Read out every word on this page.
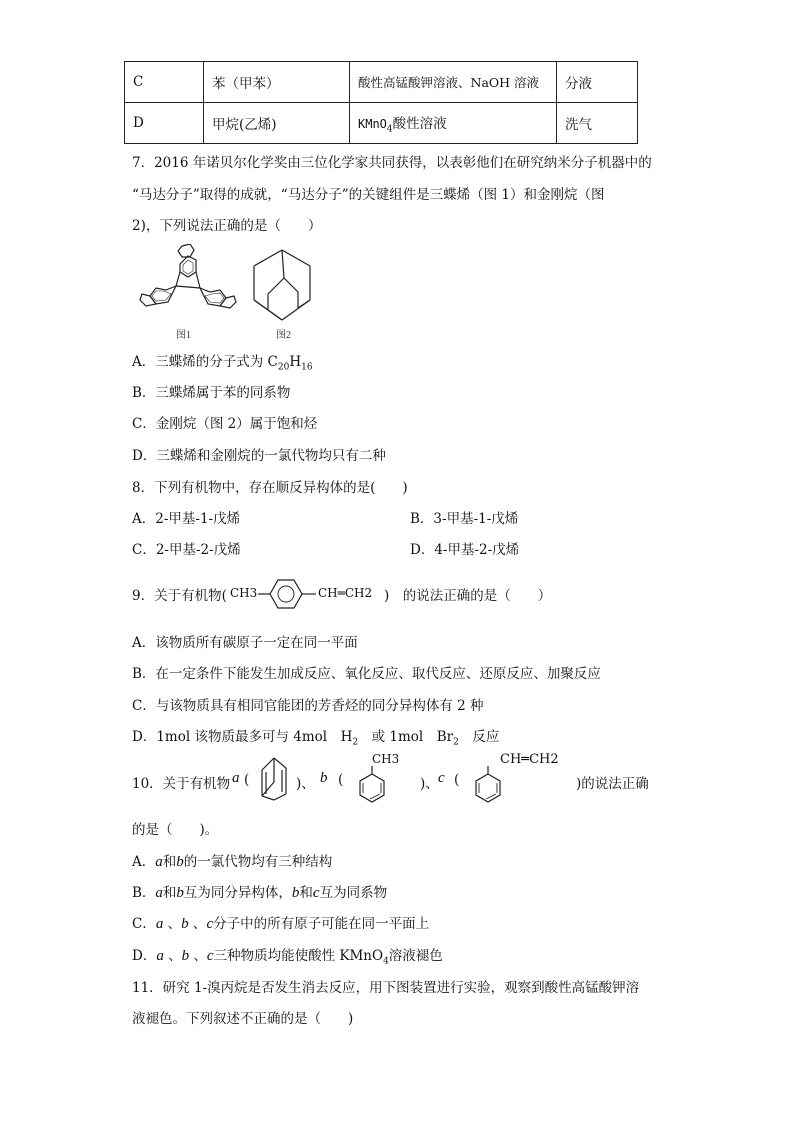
C	苯（甲苯）	酸性高锰酸钾溶液、NaOH 溶液	分液
D	甲烷(乙烯)	KMnO$_4$酸性溶液	洗气
7．2016 年诺贝尔化学奖由三位化学家共同获得，以表彰他们在研究纳米分子机器中的
“马达分子”取得的成就，“马达分子”的关键组件是三蝶烯（图 1）和金刚烷（图
2)，下列说法正确的是（　　）
图1	图2
A．三蝶烯的分子式为 $C_{20}H_{16}$
B．三蝶烯属于苯的同系物
C．金刚烷（图 2）属于饱和烃
D．三蝶烯和金刚烷的一氯代物均只有二种
8．下列有机物中，存在顺反异构体的是(　　)
A．2-甲基-1-戊烯	B．3-甲基-1-戊烯
C．2-甲基-2-戊烯	D．4-甲基-2-戊烯
9．关于有机物( CH3	CH═CH2 )　的说法正确的是（　　）
A．该物质所有碳原子一定在同一平面
B．在一定条件下能发生加成反应、氧化反应、取代反应、还原反应、加聚反应
C．与该物质具有相同官能团的芳香烃的同分异构体有 2 种
D．1mol 该物质最多可与 4mol　$H_2$　或 1mol　$Br_2$　反应
10．关于有机物 a (	)、 b (
CH3
)、 c (
CH═CH2
)的说法正确
的是（　　)。
A．a和b的一氯代物均有三种结构
B．a和b互为同分异构体，b和c互为同系物
C．a 、b 、c分子中的所有原子可能在同一平面上
D．a 、b 、c三种物质均能使酸性 KMnO$_4$溶液褪色
11．研究 1-溴丙烷是否发生消去反应，用下图装置进行实验，观察到酸性高锰酸钾溶
液褪色。下列叙述不正确的是（　　)
